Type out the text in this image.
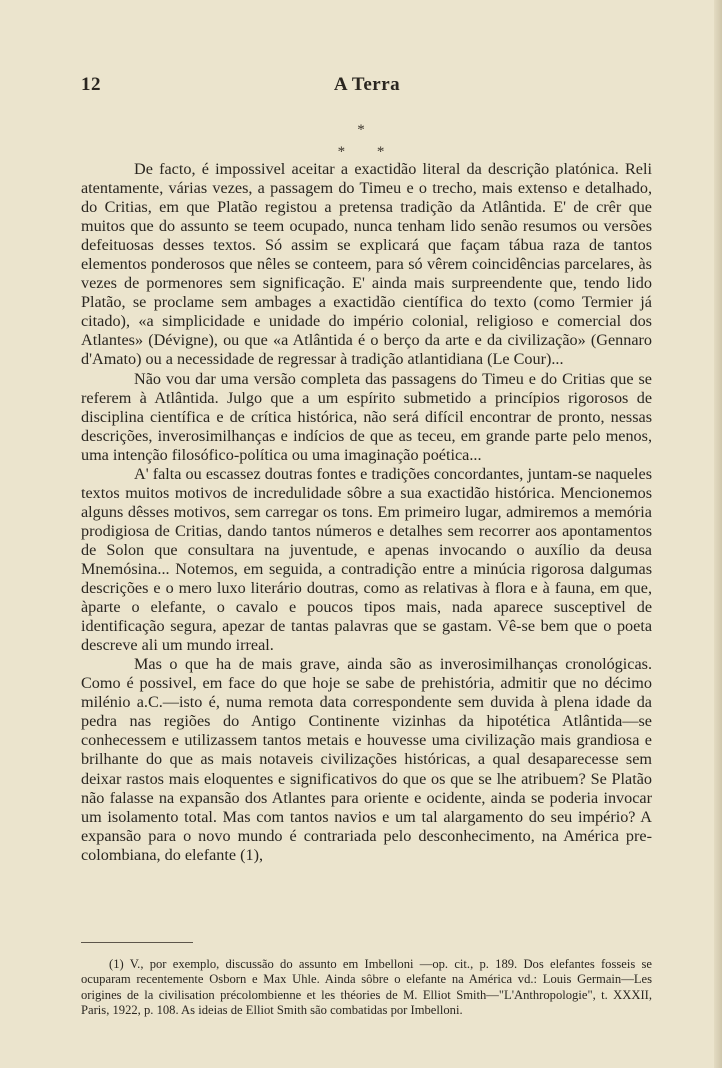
12	A Terra
*
* *

De facto, é impossivel aceitar a exactidão literal da descrição platónica. Reli atentamente, várias vezes, a passagem do Timeu e o trecho, mais extenso e detalhado, do Critias, em que Platão registou a pretensa tradição da Atlântida. E' de crêr que muitos que do assunto se teem ocupado, nunca tenham lido senão resumos ou versões defeituosas desses textos. Só assim se explicará que façam tábua raza de tantos elementos ponderosos que nêles se conteem, para só vêrem coincidências parcelares, às vezes de pormenores sem significação. E' ainda mais surpreendente que, tendo lido Platão, se proclame sem ambages a exactidão científica do texto (como Termier já citado), «a simplicidade e unidade do império colonial, religioso e comercial dos Atlantes» (Dévigne), ou que «a Atlântida é o berço da arte e da civilização» (Gennaro d'Amato) ou a necessidade de regressar à tradição atlantidiana (Le Cour)...

Não vou dar uma versão completa das passagens do Timeu e do Critias que se referem à Atlântida. Julgo que a um espírito submetido a princípios rigorosos de disciplina científica e de crítica histórica, não será difícil encontrar de pronto, nessas descrições, inverosimilhanças e indícios de que as teceu, em grande parte pelo menos, uma intenção filosófico-política ou uma imaginação poética...

A' falta ou escassez doutras fontes e tradições concordantes, juntam-se naqueles textos muitos motivos de incredulidade sôbre a sua exactidão histórica. Mencionemos alguns dêsses motivos, sem carregar os tons. Em primeiro lugar, admiremos a memória prodigiosa de Critias, dando tantos números e detalhes sem recorrer aos apontamentos de Solon que consultara na juventude, e apenas invocando o auxílio da deusa Mnemósina... Notemos, em seguida, a contradição entre a minúcia rigorosa dalgumas descrições e o mero luxo literário doutras, como as relativas à flora e à fauna, em que, àparte o elefante, o cavalo e poucos tipos mais, nada aparece susceptivel de identificação segura, apezar de tantas palavras que se gastam. Vê-se bem que o poeta descreve ali um mundo irreal.

Mas o que ha de mais grave, ainda são as inverosimilhanças cronológicas. Como é possivel, em face do que hoje se sabe de prehistória, admitir que no décimo milénio a.C.—isto é, numa remota data correspondente sem duvida à plena idade da pedra nas regiões do Antigo Continente vizinhas da hipotética Atlântida—se conhecessem e utilizassem tantos metais e houvesse uma civilização mais grandiosa e brilhante do que as mais notaveis civilizações históricas, a qual desaparecesse sem deixar rastos mais eloquentes e significativos do que os que se lhe atribuem? Se Platão não falasse na expansão dos Atlantes para oriente e ocidente, ainda se poderia invocar um isolamento total. Mas com tantos navios e um tal alargamento do seu império? A expansão para o novo mundo é contrariada pelo desconhecimento, na América pre-colombiana, do elefante (1),

(1) V., por exemplo, discussão do assunto em Imbelloni —op. cit., p. 189. Dos elefantes fosseis se ocuparam recentemente Osborn e Max Uhle. Ainda sôbre o elefante na América vd.: Louis Germain—Les origines de la civilisation précolombienne et les théories de M. Elliot Smith—"L'Anthropologie", t. XXXII, Paris, 1922, p. 108. As ideias de Elliot Smith são combatidas por Imbelloni.
